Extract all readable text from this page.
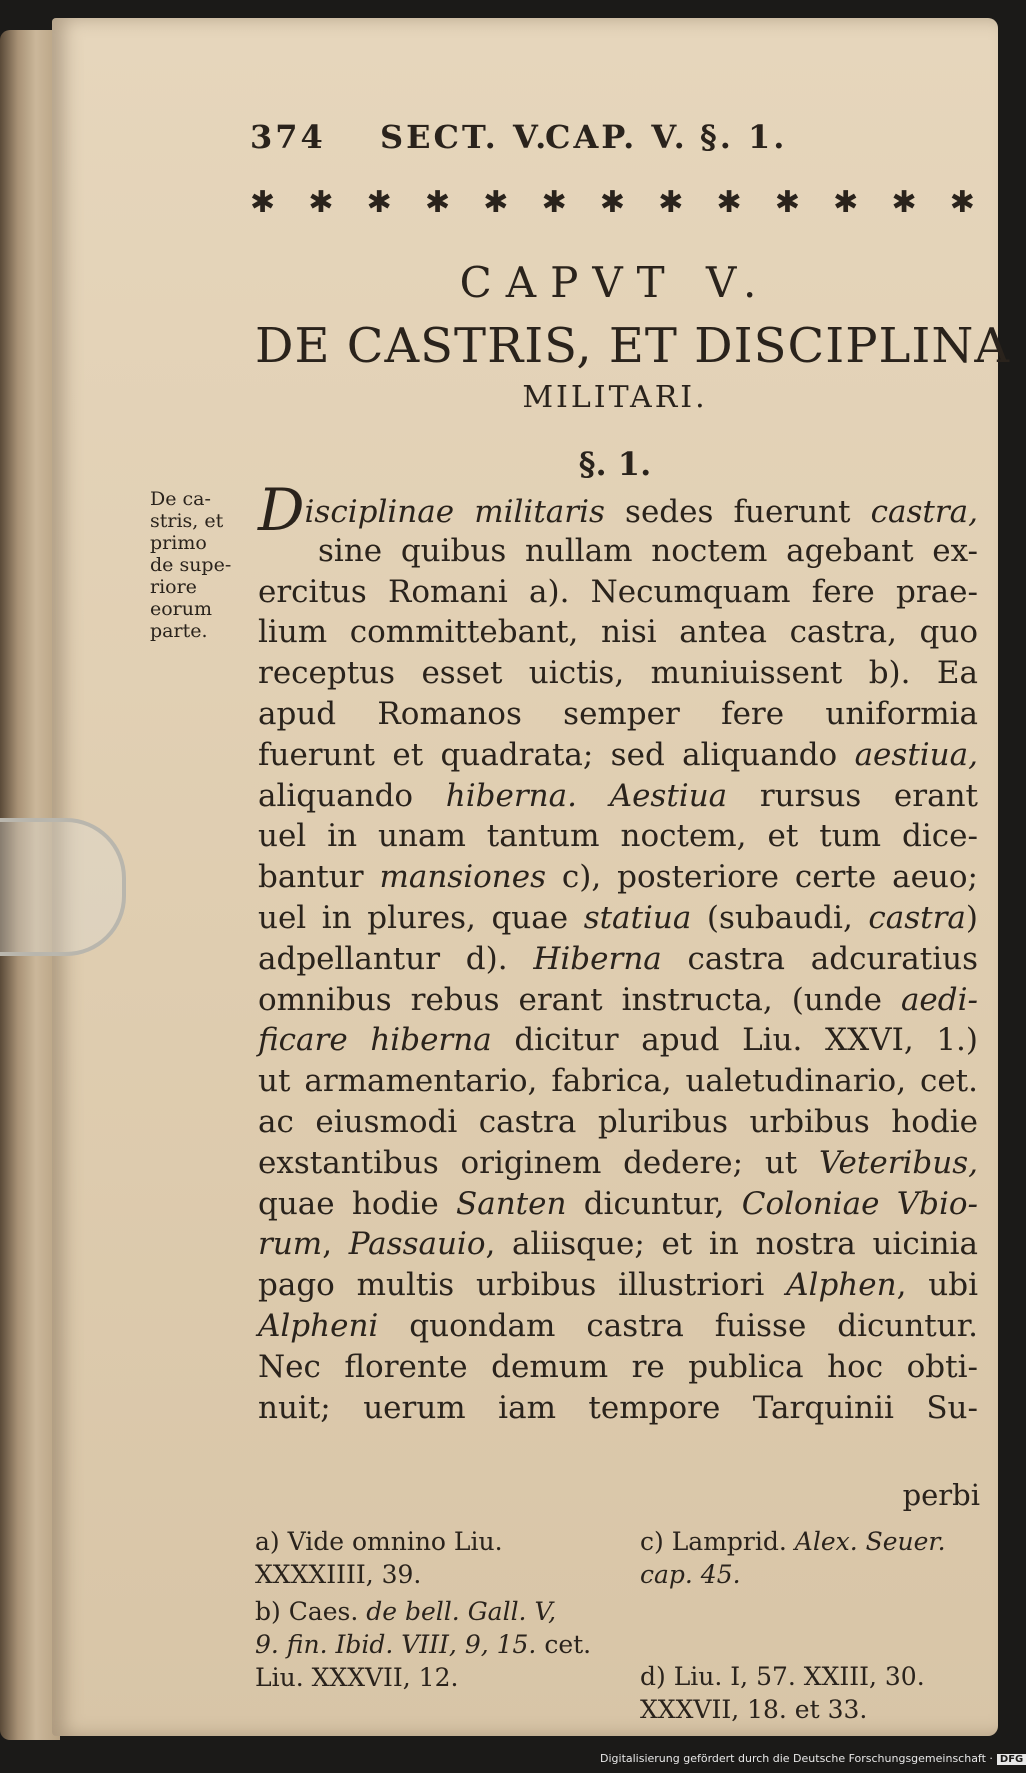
374 SECT. V.
CAP. V. §. 1.
✱ ✱ ✱ ✱ ✱ ✱ ✱ ✱ ✱ ✱ ✱ ✱ ✱
CAPVT V.
DE CASTRIS, ET DISCIPLINA
MILITARI.
§. 1.
De ca-
stris, et
primo
de supe-
riore
eorum
parte.
Disciplinae militaris sedes fuerunt castra,
sine quibus nullam noctem agebant ex-
ercitus Romani a). Necumquam fere prae-
lium committebant, nisi antea castra, quo
receptus esset uictis, muniuissent b). Ea
apud Romanos semper fere uniformia
fuerunt et quadrata; sed aliquando aestiua,
aliquando hiberna. Aestiua rursus erant
uel in unam tantum noctem, et tum dice-
bantur mansiones c), posteriore certe aeuo;
uel in plures, quae statiua (subaudi, castra)
adpellantur d). Hiberna castra adcuratius
omnibus rebus erant instructa, (unde aedi-
ficare hiberna dicitur apud Liu. XXVI, 1.)
ut armamentario, fabrica, ualetudinario, cet.
ac eiusmodi castra pluribus urbibus hodie
exstantibus originem dedere; ut Veteribus,
quae hodie Santen dicuntur, Coloniae Vbio-
rum, Passauio, aliisque; et in nostra uicinia
pago multis urbibus illustriori Alphen, ubi
Alpheni quondam castra fuisse dicuntur.
Nec florente demum re publica hoc obti-
nuit; uerum iam tempore Tarquinii Su-
perbi
a) Vide omnino Liu.
XXXXIIII, 39.
b) Caes. de bell. Gall. V,
9. fin. Ibid. VIII, 9, 15. cet.
Liu. XXXVII, 12.
c) Lamprid. Alex. Seuer.
cap. 45.
d) Liu. I, 57. XXIII, 30.
XXXVII, 18. et 33.
Digitalisierung gefördert durch die Deutsche Forschungsgemeinschaft · DFG
